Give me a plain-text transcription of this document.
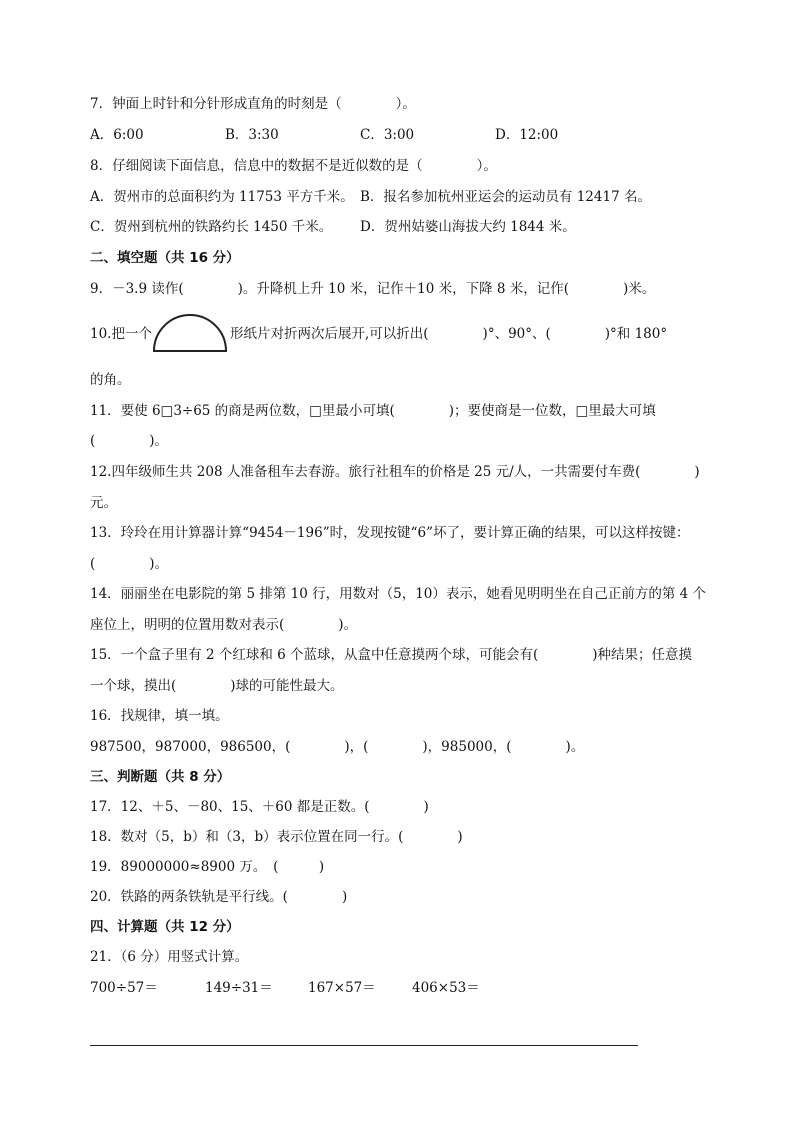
7．钟面上时针和分针形成直角的时刻是（　　　　）。
A．6:00	B．3:30	C．3:00	D．12:00
8．仔细阅读下面信息，信息中的数据不是近似数的是（　　　　）。
A．贺州市的总面积约为 11753 平方千米。 B．报名参加杭州亚运会的运动员有 12417 名。
C．贺州到杭州的铁路约长 1450 千米。 D．贺州姑婆山海拔大约 1844 米。
二、填空题（共 16 分）
9．－3.9 读作(　　　　)。升降机上升 10 米，记作＋10 米，下降 8 米，记作(　　　　)米。
10.把一个	形纸片对折两次后展开,可以折出(　　　　)°、90°、(　　　　)°和 180°
的角。
11．要使 6□3÷65 的商是两位数，□里最小可填(　　　　)；要使商是一位数，□里最大可填
(　　　　)。
12.四年级师生共 208 人准备租车去春游。旅行社租车的价格是 25 元/人，一共需要付车费(　　　　)
元。
13．玲玲在用计算器计算“9454－196”时，发现按键“6”坏了，要计算正确的结果，可以这样按键：
(　　　　)。
14．丽丽坐在电影院的第 5 排第 10 行，用数对（5，10）表示，她看见明明坐在自己正前方的第 4 个
座位上，明明的位置用数对表示(　　　　)。
15．一个盒子里有 2 个红球和 6 个蓝球，从盒中任意摸两个球，可能会有(　　　　)种结果；任意摸
一个球，摸出(　　　　)球的可能性最大。
16．找规律，填一填。
987500，987000，986500，(　　　　)，(　　　　)，985000，(　　　　)。
三、判断题（共 8 分）
17．12、＋5、－80、15、＋60 都是正数。(　　　　)
18．数对（5，b）和（3，b）表示位置在同一行。(　　　　)
19．89000000≈8900 万。　(　　　)
20．铁路的两条铁轨是平行线。(　　　　)
四、计算题（共 12 分）
21．（6 分）用竖式计算。
700÷57＝	149÷31＝	167×57＝	406×53＝
